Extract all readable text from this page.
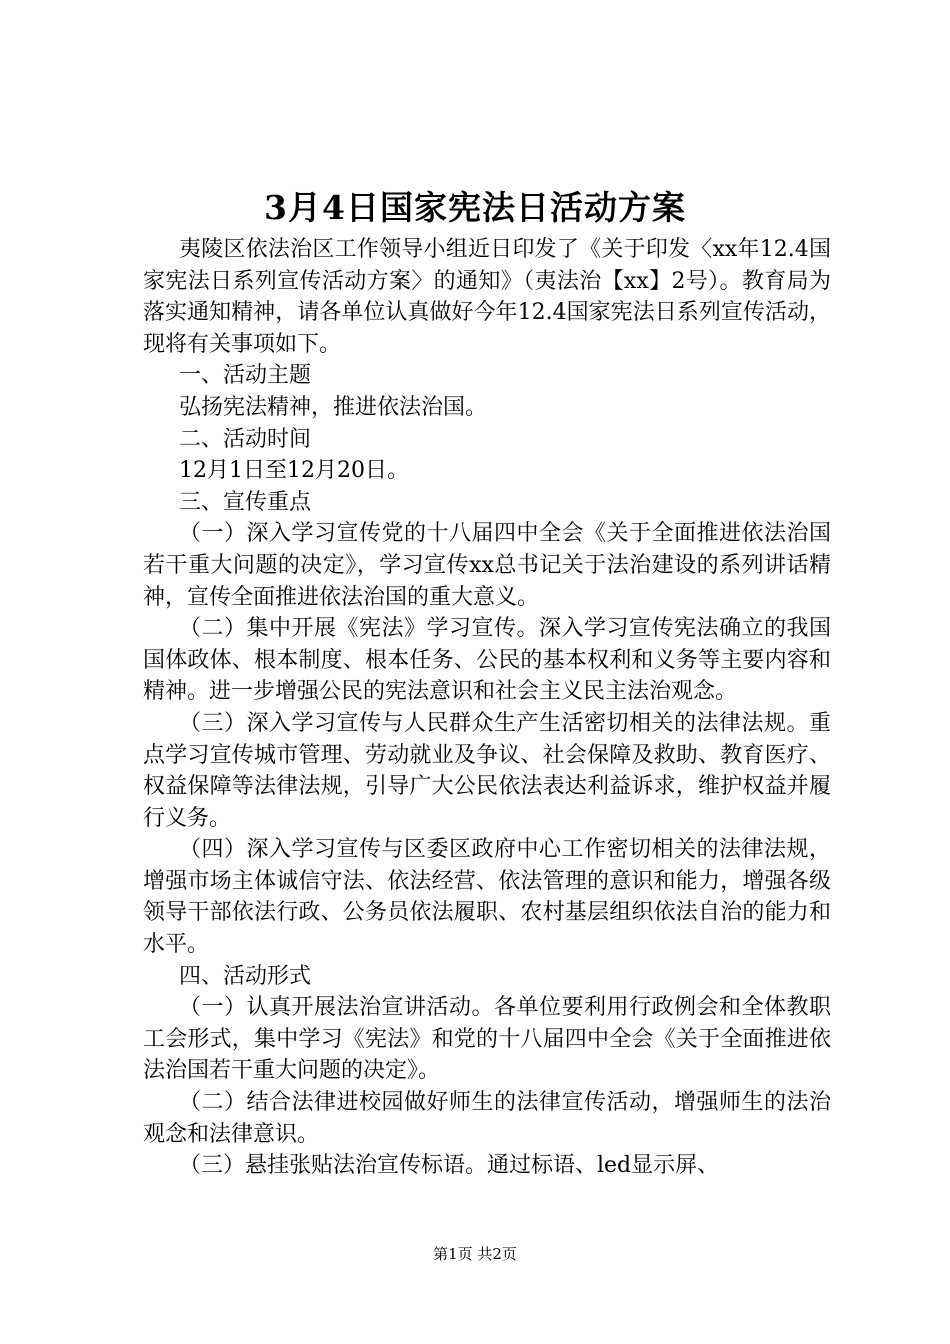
3月4日国家宪法日活动方案

夷陵区依法治区工作领导小组近日印发了《关于印发〈xx年12.4国家宪法日系列宣传活动方案〉的通知》（夷法治【xx】2号）。教育局为落实通知精神，请各单位认真做好今年12.4国家宪法日系列宣传活动，现将有关事项如下。

一、活动主题

弘扬宪法精神，推进依法治国。

二、活动时间

12月1日至12月20日。

三、宣传重点

（一）深入学习宣传党的十八届四中全会《关于全面推进依法治国若干重大问题的决定》，学习宣传xx总书记关于法治建设的系列讲话精神，宣传全面推进依法治国的重大意义。

（二）集中开展《宪法》学习宣传。深入学习宣传宪法确立的我国国体政体、根本制度、根本任务、公民的基本权利和义务等主要内容和精神。进一步增强公民的宪法意识和社会主义民主法治观念。

（三）深入学习宣传与人民群众生产生活密切相关的法律法规。重点学习宣传城市管理、劳动就业及争议、社会保障及救助、教育医疗、权益保障等法律法规，引导广大公民依法表达利益诉求，维护权益并履行义务。

（四）深入学习宣传与区委区政府中心工作密切相关的法律法规，增强市场主体诚信守法、依法经营、依法管理的意识和能力，增强各级领导干部依法行政、公务员依法履职、农村基层组织依法自治的能力和水平。

四、活动形式

（一）认真开展法治宣讲活动。各单位要利用行政例会和全体教职工会形式，集中学习《宪法》和党的十八届四中全会《关于全面推进依法治国若干重大问题的决定》。

（二）结合法律进校园做好师生的法律宣传活动，增强师生的法治观念和法律意识。

（三）悬挂张贴法治宣传标语。通过标语、led显示屏、

第1页 共2页
